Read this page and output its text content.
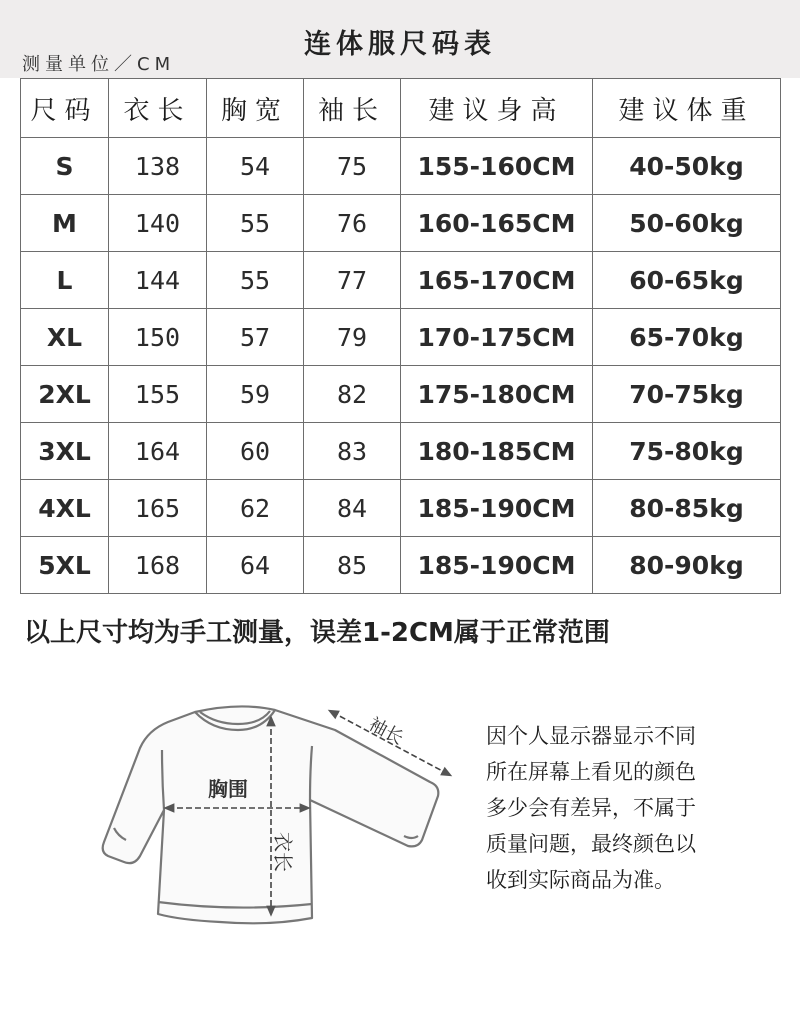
连体服尺码表
测量单位／CM
尺码	衣长	胸宽	袖长	建议身高	建议体重
S	138	54	75	155-160CM	40-50kg
M	140	55	76	160-165CM	50-60kg
L	144	55	77	165-170CM	60-65kg
XL	150	57	79	170-175CM	65-70kg
2XL	155	59	82	175-180CM	70-75kg
3XL	164	60	83	180-185CM	75-80kg
4XL	165	62	84	185-190CM	80-85kg
5XL	168	64	85	185-190CM	80-90kg
以上尺寸均为手工测量，误差1-2CM属于正常范围
袖长
胸围
衣长
因个人显示器显示不同
所在屏幕上看见的颜色
多少会有差异，不属于
质量问题，最终颜色以
收到实际商品为准。
